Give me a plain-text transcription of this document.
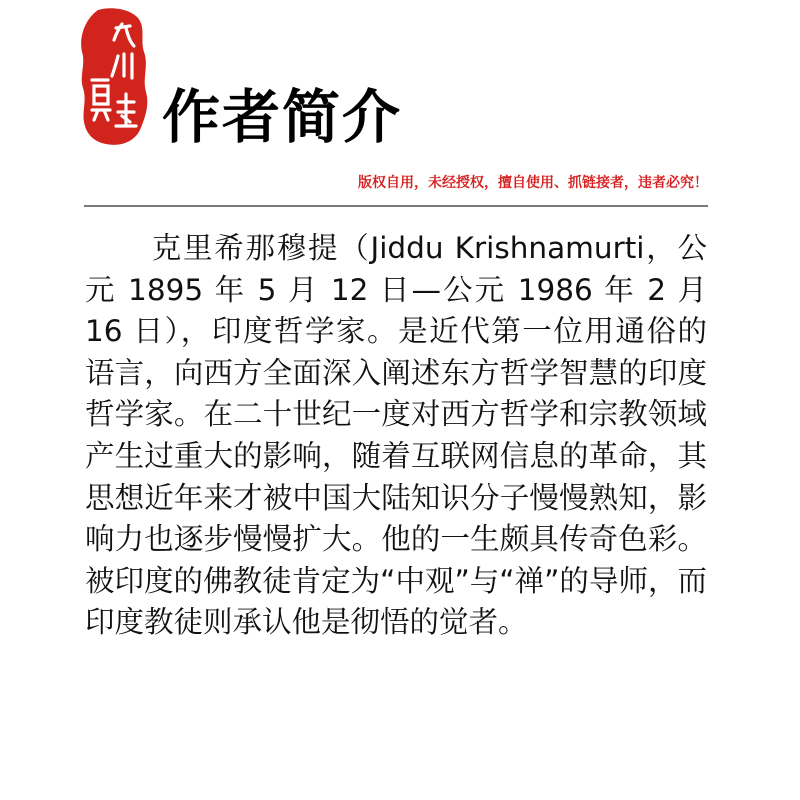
作者简介
版权自用，未经授权，擅自使用、抓链接者，违者必究！

克里希那穆提（Jiddu Krishnamurti，公元 1895 年 5 月 12 日—公元 1986 年 2 月 16 日），印度哲学家。是近代第一位用通俗的语言，向西方全面深入阐述东方哲学智慧的印度哲学家。在二十世纪一度对西方哲学和宗教领域产生过重大的影响，随着互联网信息的革命，其思想近年来才被中国大陆知识分子慢慢熟知，影响力也逐步慢慢扩大。他的一生颇具传奇色彩。被印度的佛教徒肯定为“中观”与“禅”的导师，而印度教徒则承认他是彻悟的觉者。
